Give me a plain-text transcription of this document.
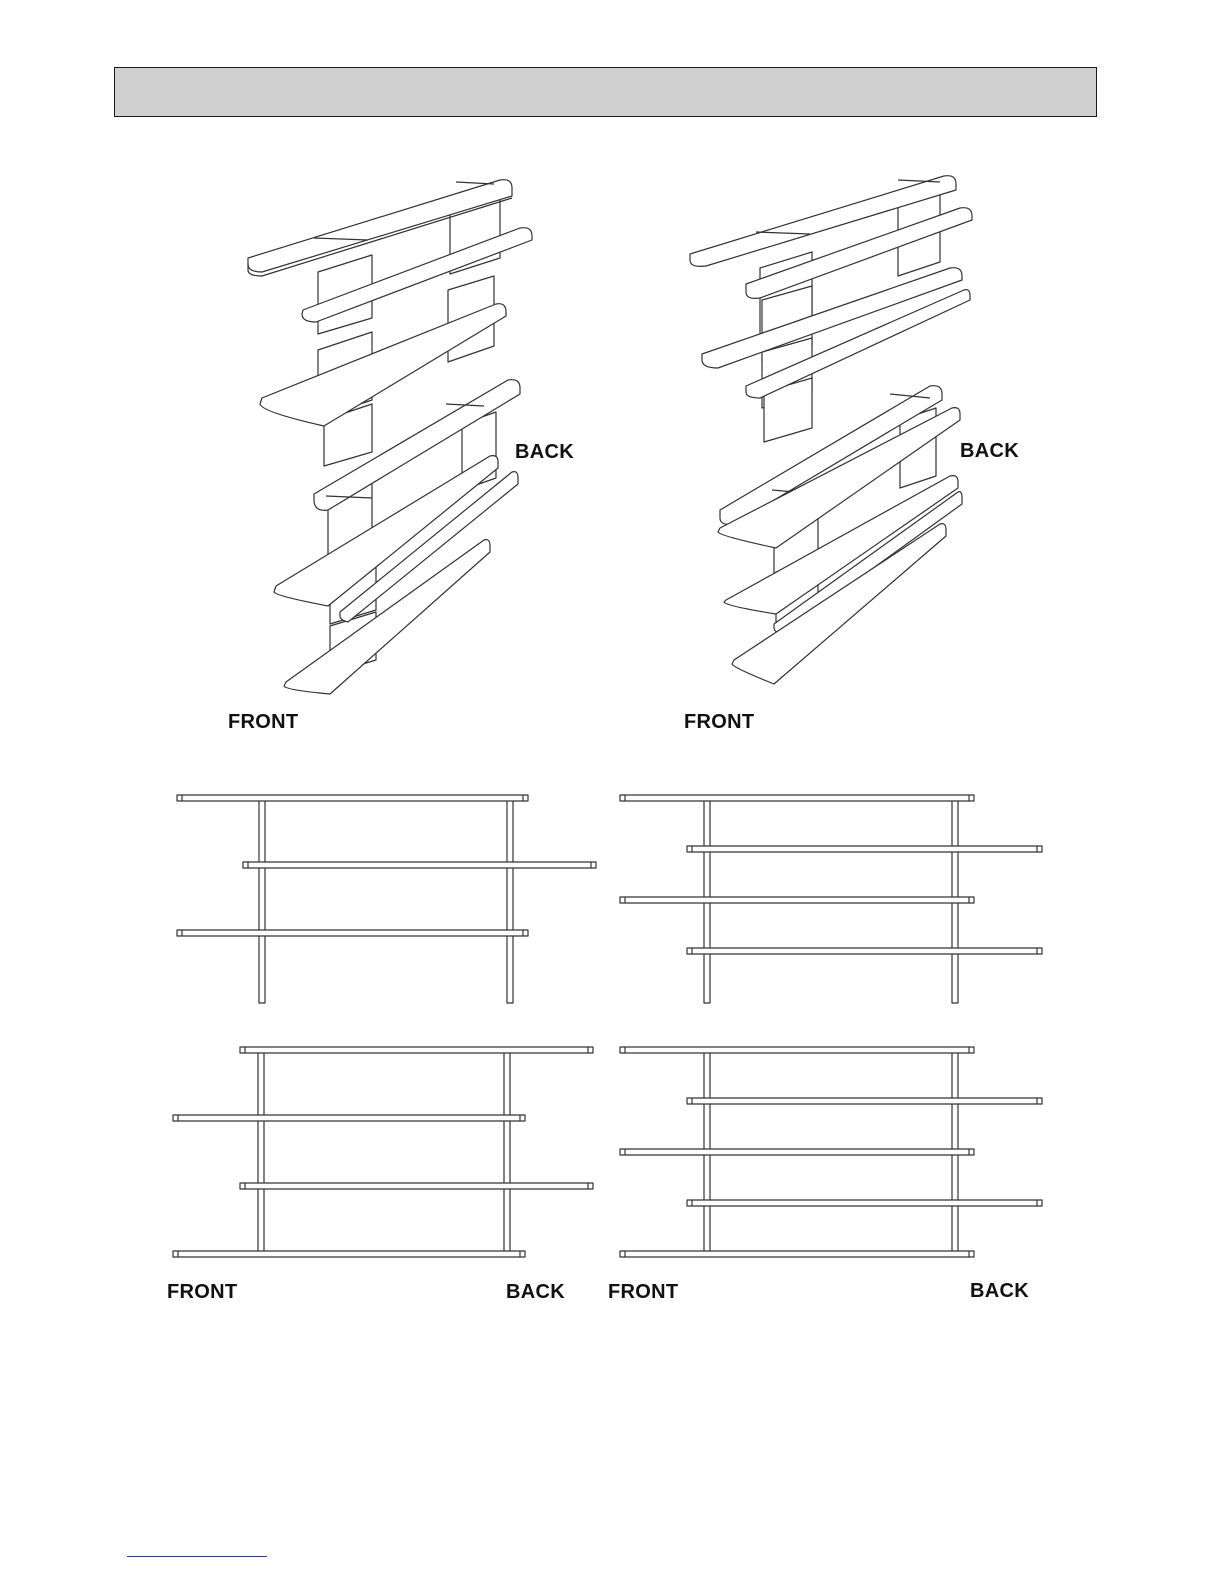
BACK
FRONT
BACK
FRONT
FRONT	BACK FRONT	BACK
